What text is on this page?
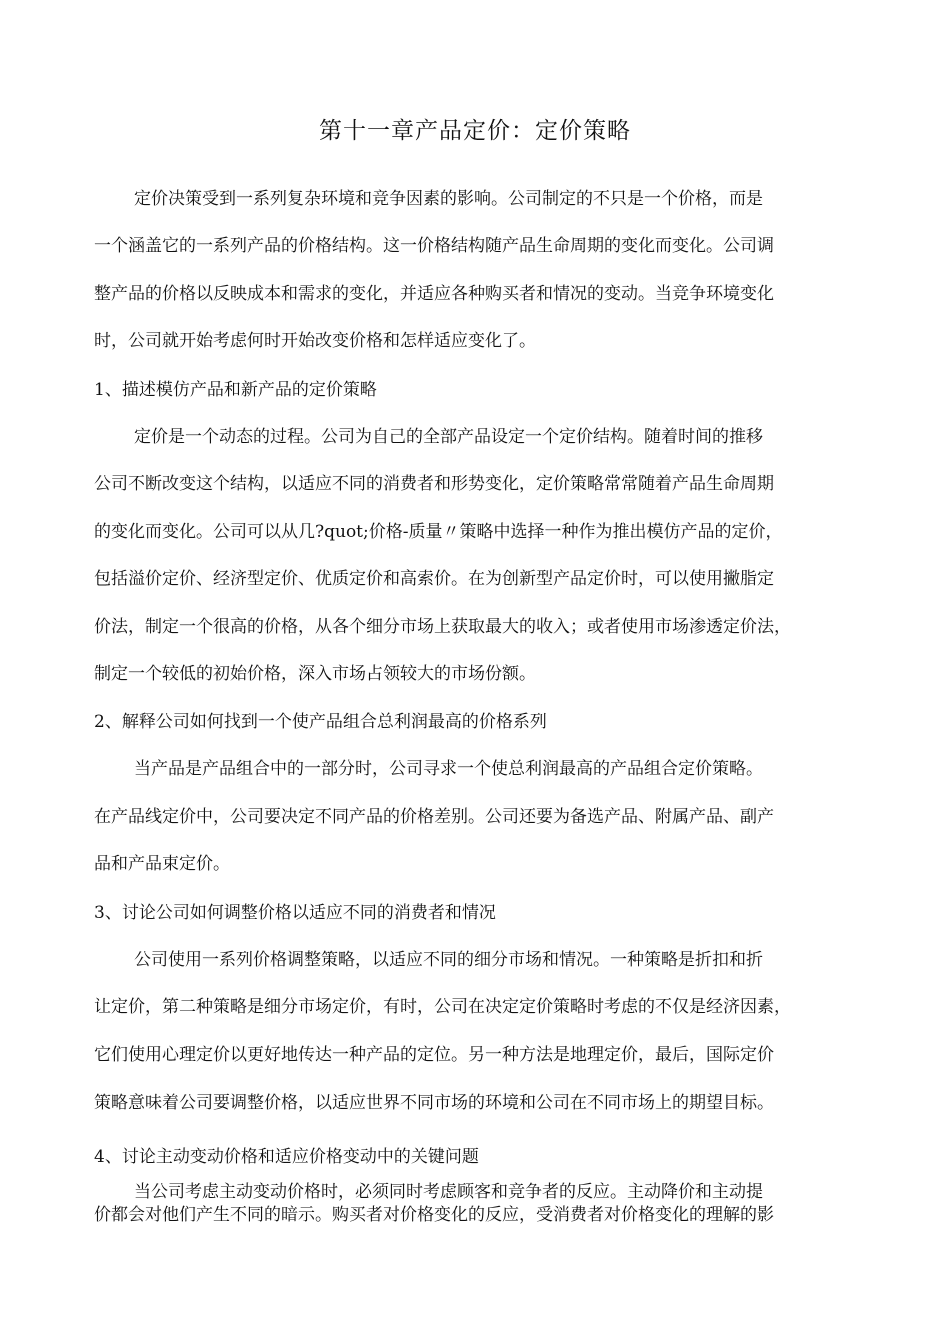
第十一章产品定价：定价策略
定价决策受到一系列复杂环境和竞争因素的影响。公司制定的不只是一个价格，而是
一个涵盖它的一系列产品的价格结构。这一价格结构随产品生命周期的变化而变化。公司调
整产品的价格以反映成本和需求的变化，并适应各种购买者和情况的变动。当竞争环境变化
时，公司就开始考虑何时开始改变价格和怎样适应变化了。
1、描述模仿产品和新产品的定价策略
定价是一个动态的过程。公司为自己的全部产品设定一个定价结构。随着时间的推移
公司不断改变这个结构，以适应不同的消费者和形势变化，定价策略常常随着产品生命周期
的变化而变化。公司可以从几?quot;价格-质量〃策略中选择一种作为推出模仿产品的定价，
包括溢价定价、经济型定价、优质定价和高索价。在为创新型产品定价时，可以使用撇脂定
价法，制定一个很高的价格，从各个细分市场上获取最大的收入；或者使用市场渗透定价法，
制定一个较低的初始价格，深入市场占领较大的市场份额。
2、解释公司如何找到一个使产品组合总利润最高的价格系列
当产品是产品组合中的一部分时，公司寻求一个使总利润最高的产品组合定价策略。
在产品线定价中，公司要决定不同产品的价格差别。公司还要为备选产品、附属产品、副产
品和产品束定价。
3、讨论公司如何调整价格以适应不同的消费者和情况
公司使用一系列价格调整策略，以适应不同的细分市场和情况。一种策略是折扣和折
让定价，第二种策略是细分市场定价，有时，公司在决定定价策略时考虑的不仅是经济因素，
它们使用心理定价以更好地传达一种产品的定位。另一种方法是地理定价，最后，国际定价
策略意味着公司要调整价格，以适应世界不同市场的环境和公司在不同市场上的期望目标。
4、讨论主动变动价格和适应价格变动中的关键问题
当公司考虑主动变动价格时，必须同时考虑顾客和竞争者的反应。主动降价和主动提
价都会对他们产生不同的暗示。购买者对价格变化的反应，受消费者对价格变化的理解的影
